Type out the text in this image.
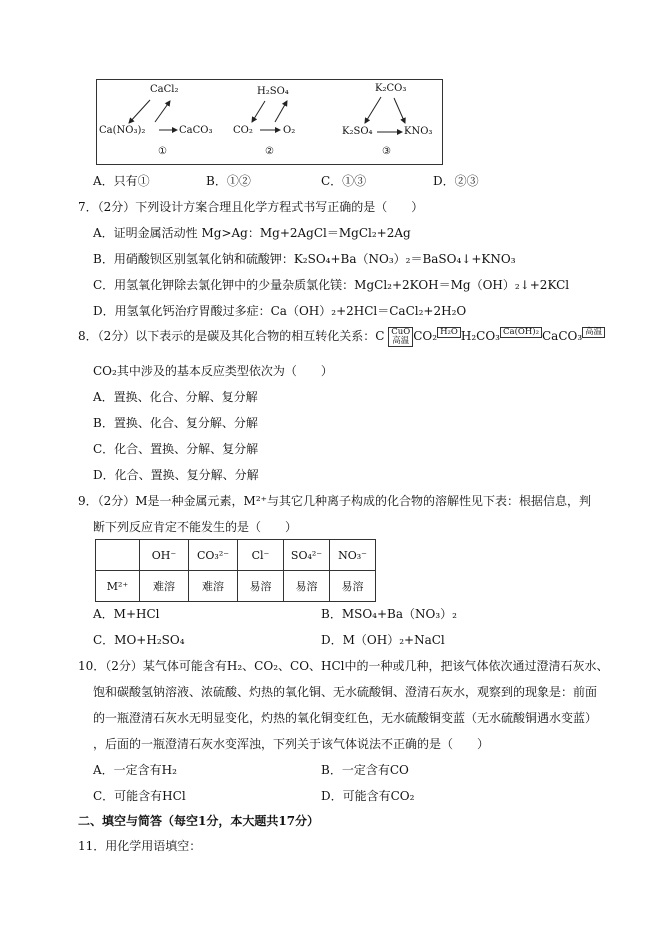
CaCl₂
Ca(NO₃)₂	CaCO₃
①
H₂SO₄
CO₂	O₂
②
K₂CO₃
K₂SO₄	KNO₃
③
A．只有①	B．①②	C．①③	D．②③
7．（2分）下列设计方案合理且化学方程式书写正确的是（　　）
A．证明金属活动性 Mg>Ag：Mg+2AgCl＝MgCl₂+2Ag
B．用硝酸钡区别氢氧化钠和硫酸钾：K₂SO₄+Ba（NO₃）₂＝BaSO₄↓+KNO₃
C．用氢氧化钾除去氯化钾中的少量杂质氯化镁：MgCl₂+2KOH＝Mg（OH）₂↓+2KCl
D．用氢氧化钙治疗胃酸过多症：Ca（OH）₂+2HCl＝CaCl₂+2H₂O
8．（2分）以下表示的是碳及其化合物的相互转化关系：C CuO
高温 CO₂ H₂O H₂CO₃ Ca(OH)₂ CaCO₃ 高温
CO₂其中涉及的基本反应类型依次为（　　）
A．置换、化合、分解、复分解
B．置换、化合、复分解、分解
C．化合、置换、分解、复分解
D．化合、置换、复分解、分解
9．（2分）M是一种金属元素，M²⁺与其它几种离子构成的化合物的溶解性见下表：根据信息，判
断下列反应肯定不能发生的是（　　）
	OH⁻	CO₃²⁻	Cl⁻	SO₄²⁻	NO₃⁻
M²⁺	难溶	难溶	易溶	易溶	易溶
A．M+HCl	B．MSO₄+Ba（NO₃）₂
C．MO+H₂SO₄	D．M（OH）₂+NaCl
10．（2分）某气体可能含有H₂、CO₂、CO、HCl中的一种或几种，把该气体依次通过澄清石灰水、
饱和碳酸氢钠溶液、浓硫酸、灼热的氧化铜、无水硫酸铜、澄清石灰水，观察到的现象是：前面
的一瓶澄清石灰水无明显变化，灼热的氧化铜变红色，无水硫酸铜变蓝（无水硫酸铜遇水变蓝）
，后面的一瓶澄清石灰水变浑浊，下列关于该气体说法不正确的是（　　）
A．一定含有H₂	B．一定含有CO
C．可能含有HCl	D．可能含有CO₂
二、填空与简答（每空1分，本大题共17分）
11．用化学用语填空：
